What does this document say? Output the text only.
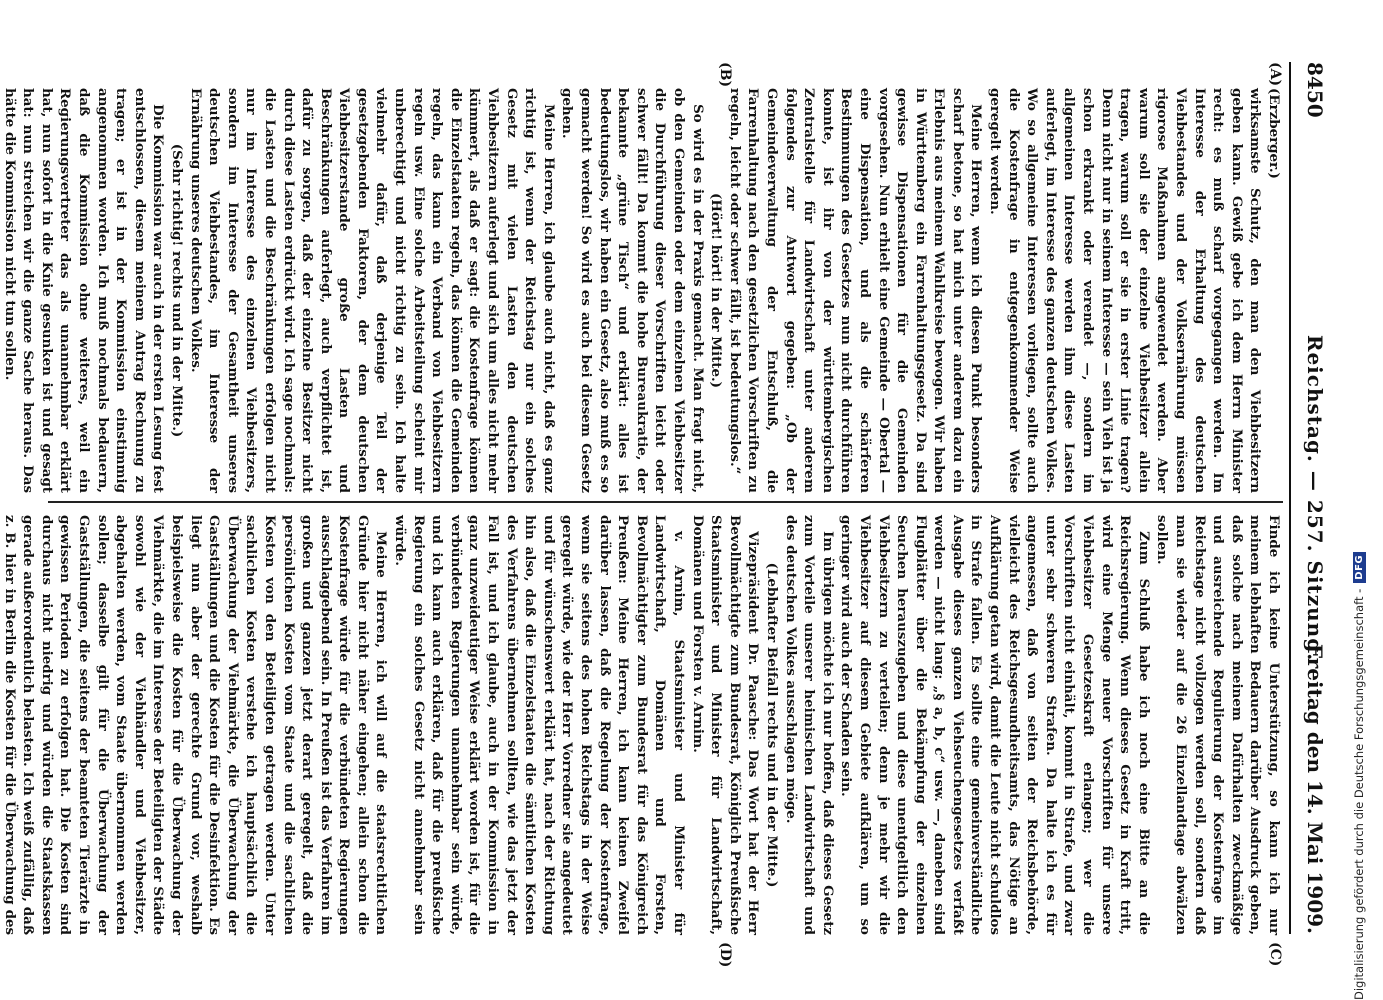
8450
Reichstag. — 257. Sitzung.
Freitag den 14. Mai 1909.
(A)
(B)
(C)
(D)

(Erzberger.)

wirksamste Schutz, den man den Viehbesitzern geben kann. Gewiß gebe ich dem Herrn Minister recht: es muß scharf vorgegangen werden. Im Interesse der Erhaltung des deutschen Viehbestandes und der Volksernährung müssen rigorose Maßnahmen angewendet werden. Aber warum soll sie der einzelne Viehbesitzer allein tragen, warum soll er sie in erster Linie tragen? Denn nicht nur in seinem Interesse — sein Vieh ist ja schon erkrankt oder verendet —, sondern im allgemeinen Interesse werden ihm diese Lasten auferlegt, im Interesse des ganzen deutschen Volkes. Wo so allgemeine Interessen vorliegen, sollte auch die Kostenfrage in entgegenkommender Weise geregelt werden.

Meine Herren, wenn ich diesen Punkt besonders scharf betone, so hat mich unter anderem dazu ein Erlebnis aus meinem Wahlkreise bewogen. Wir haben in Württemberg ein Farrenhaltungsgesetz. Da sind gewisse Dispensationen für die Gemeinden vorgesehen. Nun erhielt eine Gemeinde — Obertal — eine Dispensation, und als die schärferen Bestimmungen des Gesetzes nun nicht durchführen konnte, ist ihr von der württembergischen Zentralstelle für Landwirtschaft unter anderem folgendes zur Antwort gegeben: „Ob der Gemeindeverwaltung der Entschluß, die Farrenhaltung nach den gesetzlichen Vorschriften zu regeln, leicht oder schwer fällt, ist bedeutungslos.“

(Hört! hört! in der Mitte.)

So wird es in der Praxis gemacht. Man fragt nicht, ob den Gemeinden oder dem einzelnen Viehbesitzer die Durchführung dieser Vorschriften leicht oder schwer fällt! Da kommt die hohe Bureaukratie, der bekannte „grüne Tisch“ und erklärt: alles ist bedeutungslos, wir haben ein Gesetz, also muß es so gemacht werden! So wird es auch bei diesem Gesetz gehen.

Meine Herren, ich glaube auch nicht, daß es ganz richtig ist, wenn der Reichstag nur ein solches Gesetz mit vielen Lasten den deutschen Viehbesitzern auferlegt und sich um alles nicht mehr kümmert, als daß er sagt: die Kostenfrage können die Einzelstaaten regeln, das können die Gemeinden regeln, das kann ein Verband von Viehbesitzern regeln usw. Eine solche Arbeitsteilung scheint mir unberechtigt und nicht richtig zu sein. Ich halte vielmehr dafür, daß derjenige Teil der gesetzgebenden Faktoren, der dem deutschen Viehbesitzerstande große Lasten und Beschränkungen auferlegt, auch verpflichtet ist, dafür zu sorgen, daß der einzelne Besitzer nicht durch diese Lasten erdrückt wird. Ich sage nochmals: die Lasten und die Beschränkungen erfolgen nicht nur im Interesse des einzelnen Viehbesitzers, sondern im Interesse der Gesamtheit unseres deutschen Viehbestandes, im Interesse der Ernährung unseres deutschen Volkes.

(Sehr richtig! rechts und in der Mitte.)

Die Kommission war auch in der ersten Lesung fest entschlossen, diesem meinem Antrag Rechnung zu tragen; er ist in der Kommission einstimmig angenommen worden. Ich muß nochmals bedauern, daß die Kommission ohne weiteres, weil ein Regierungsvertreter das als unannehmbar erklärt hat, nun sofort in die Knie gesunken ist und gesagt hat: nun streichen wir die ganze Sache heraus. Das hätte die Kommission nicht tun sollen.

Finde ich keine Unterstützung, so kann ich nur meinem lebhaften Bedauern darüber Ausdruck geben, daß solche nach meinem Dafürhalten zweckmäßige und ausreichende Regulierung der Kostenfrage im Reichstage nicht vollzogen werden soll, sondern daß man sie wieder auf die 26 Einzellandtage abwälzen sollen.

Zum Schluß habe ich noch eine Bitte an die Reichsregierung. Wenn dieses Gesetz in Kraft tritt, wird eine Menge neuer Vorschriften für unsere Viehbesitzer Gesetzeskraft erlangen; wer die Vorschriften nicht einhält, kommt in Strafe, und zwar unter sehr schweren Strafen. Da halte ich es für angemessen, daß von seiten der Reichsbehörde, vielleicht des Reichsgesundheitsamts, das Nötige an Aufklärung getan wird, damit die Leute nicht schuldlos in Strafe fallen. Es sollte eine gemeinverständliche Ausgabe dieses ganzen Viehseuchengesetzes verfaßt werden — nicht lang: „§ a, b, c“ usw. —, daneben sind Flugblätter über die Bekämpfung der einzelnen Seuchen herauszugeben und diese unentgeltlich den Viehbesitzern zu verteilen; denn je mehr wir die Viehbesitzer auf diesem Gebiete aufklären, um so geringer wird auch der Schaden sein.

Im übrigen möchte ich nur hoffen, daß dieses Gesetz zum Vorteile unserer heimischen Landwirtschaft und des deutschen Volkes ausschlagen möge.

(Lebhafter Beifall rechts und in der Mitte.)

Vizepräsident Dr. Paasche: Das Wort hat der Herr Bevollmächtigte zum Bundesrat, Königlich Preußische Staatsminister und Minister für Landwirtschaft, Domänen und Forsten v. Arnim.

v. Arnim, Staatsminister und Minister für Landwirtschaft, Domänen und Forsten, Bevollmächtigter zum Bundesrat für das Königreich Preußen: Meine Herren, ich kann keinen Zweifel darüber lassen, daß die Regelung der Kostenfrage, wenn sie seitens des hohen Reichstags in der Weise geregelt würde, wie der Herr Vorredner sie angedeutet und für wünschenswert erklärt hat, nach der Richtung hin also, daß die Einzelstaaten die sämtlichen Kosten des Verfahrens übernehmen sollten, wie das jetzt der Fall ist, und ich glaube, auch in der Kommission in ganz unzweideutiger Weise erklärt worden ist, für die verbündeten Regierungen unannehmbar sein würde, und ich kann auch erklären, daß für die preußische Regierung ein solches Gesetz nicht annehmbar sein würde.

Meine Herren, ich will auf die staatsrechtlichen Gründe hier nicht näher eingehen; allein schon die Kostenfrage würde für die verbündeten Regierungen ausschlaggebend sein. In Preußen ist das Verfahren im großen und ganzen jetzt derart geregelt, daß die persönlichen Kosten vom Staate und die sachlichen Kosten von den Beteiligten getragen werden. Unter sachlichen Kosten verstehe ich hauptsächlich die Überwachung der Viehmärkte, die Überwachung der Gastställungen und die Kosten für die Desinfektion. Es liegt nun aber der gerechte Grund vor, weshalb beispielsweise die Kosten für die Überwachung der Viehmärkte, die im Interesse der Beteiligten der Städte sowohl wie der Viehhändler und Viehbesitzer, abgehalten werden, vom Staate übernommen werden sollen; dasselbe gilt für die Überwachung der Gastställungen, die seitens der beamteten Tierärzte in gewissen Perioden zu erfolgen hat. Die Kosten sind durchaus nicht niedrig und würden die Staatskassen gerade außerordentlich belasten. Ich weiß zufällig, daß z. B. hier in Berlin die Kosten für die Überwachung des	Digitalisierung gefördert durch die Deutsche Forschungsgemeinschaft -
DFG
